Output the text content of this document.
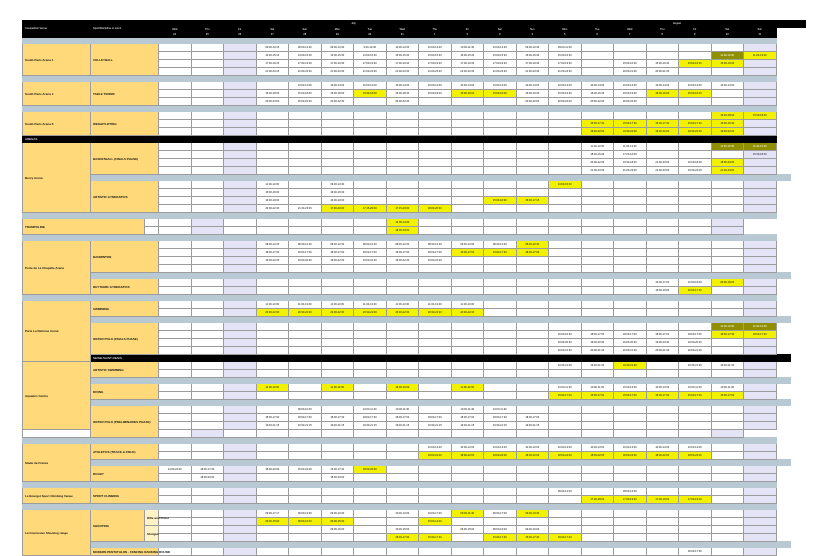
Competition Venue	Sport/Discipline or event		July												August						
			Wed	Thu	Fri	Sat	Sun	Mon	Tue	Wed	Thu	Fri	Sat	Sun	Mon	Tue	Wed	Thu	Fri	Sat	Sun
			24	25	26	27	28	29	30	31	1	2	3	4	5	6	7	8	9	10	11

South Paris Arena 1	VOLLEYBALL					09:00-13:15	09:00-13:30	09:00-13:30	9:00-13:30	10:00-13:30	10:00-13:00	10:00-11:30	10:00-13:30	09:00-13:30	09:00-11:00						
						13:00-15:15	13:00-15:30	13:00-15:30	13:00-15:30	15:00-15:30	15:00-15:30	15:00-15:30	15:00-15:30	15:00-15:30	15:00-15:30					11:00-13:00	11:00-13:00
						17:00-19:15	17:00-19:30	17:00-19:30	17:00-19:30	17:00-19:30	17:00-19:30	17:00-19:30	17:00-19:30	17:00-19:30	17:00-19:30		15:00-16:30	15:00-16:30	15:00-16:30	15:00-19:00	
						21:00-23:15	21:00-23:30	21:00-23:30	21:00-23:30	21:00-23:30	21:00-23:30	21:00-23:30	21:00-23:30	21:00-23:30	21:00-23:30		20:00-21:30	20:00-21:30			

South Paris Arena 4	TABLE TENNIS						10:00-14:00	10:00-14:00	10:00-14:00	10:00-14:00	10:00-14:00	10:00-14:00	10:00-14:00	10:00-14:00	10:00-14:00	10:00-14:00	10:00-14:00	10:00-14:00	10:00-14:00	10:00-13:00	
						15:00-18:00	15:00-18:00	15:00-18:00	15:30-18:00	15:00-18:30	15:00-19:00	15:00-16:00	15:00-16:00	15:00-19:30	15:00-19:30	15:00-16:30	15:00-19:00	15:00-16:00	15:00-16:00		
						20:00-23:00	20:00-22:30	20:00-22:30		20:00-22:30				20:00-22:00	20:00-22:00	20:00-22:00	20:00-22:00				

South Paris Arena 6	WEIGHTLIFTING																			15:30-18:00	15:30-18:00
																15:00-17:30	15:00-17:30	15:00-17:30	15:00-17:30	15:00-16:30	
																19:30-22:00	19:30-22:00	19:30-22:00	19:30-22:00	19:30-22:00	
ARENAS																					
Bercy Arena	BASKETBALL (FINALS PHASE)															11:00-13:00	11:00-13:00			11:30-13:30	11:30-13:30
																18:00-16:00	17:00-16:00				15:30-18:00
																20:00-22:00	16:30-18:00	21:00-23:00	16:00-18:00	18:00-20:00	
																21:00-23:00	21:00-23:00	21:00-23:00	19:30-22:00	21:30-23:00	

	ARTISTIC GYMNASTICS					11:00-13:00		09:30-13:30							13:00-15:30						
						15:00-16:00		16:00-16:30													
						16:30-19:00		16:00-19:00					15:00-16:30	15:00-17:15							
						20:00-22:30	21:30-23:00	17:30-20:00	17:15-20:00	17:15-20:00	18:00-20:30										

TRAMPOLINE										12:00-14:00											
										18:00-20:00											

Porte de La Chapelle Arena	BADMINTON					08:30-12:30	08:30-12:20	08:30-12:30	08:30-12:30	08:30-12:30	08:30-12:30	09:30-13:00	08:30-13:30	08:30-12:30							
						18:00-17:00	18:00-17:00	18:00-17:00	18:00-17:00	18:00-17:00	18:00-17:00	15:00-17:00	15:00-17:30	18:00-17:00							
						19:00-22:30	19:00-22:30	19:00-22:30	19:00-22:30	19:00-22:30	19:00-22:30										

	RHYTHMIC GYMNASTICS																	10:00-17:00	10:00-15:00	09:00-15:00	
																		15:00-19:00	16:00-17:30		

Paris La Defense Arena	SWIMMING					11:00-13:00	11:00-13:00	11:00-13:00	11:00-13:00	11:00-13:00	11:00-13:00	11:00-13:00									
						20:30-22:30	20:30-22:30	20:30-22:30	20:30-22:30	20:30-22:30	20:30-22:30	20:30-22:30									

	WATER POLO (FINALS PHASE)																			11:00-13:00	11:00-13:00
															15:00-16:30	18:00-17:00	18:00-17:00	18:00-17:00	18:00-17:00	18:00-17:30	18:00-17:30
															19:00-20:30	19:00-20:30	19:00-20:30	19:00-20:30	19:00-20:30		
															20:00-21:30	20:00-21:30	20:00-21:30	20:00-21:30	20:00-21:30		
	SEINE-SAINT-DENIS																				
Aquatics Centre	ARTISTIC SWIMMING														19:30-21:45	19:30-21:30	19:30-21:30		19:30-21:30	19:30-21:30	

	DIVING					11:00-12:00		11:00-12:00		15:00-16:00		11:00-12:00			10:00-11:30	10:00-11:00	10:00-13:00	10:00-13:00	10:00-11:00	10:00-11:00	
															15:00-17:00	15:00-17:00	15:00-17:00	15:00-17:00	15:00-17:00	15:00-17:00	

	WATER POLO (PRELIMINARIES PHASE)						09:00-10:30		10:00-11:30	10:00-11:30		10:00-11:30	10:00-11:30								
						18:00-17:00	18:00-17:30	18:00-17:30	18:00-17:30	18:00-17:00	18:00-17:00	18:00-17:00	18:00-17:30	18:00-17:00							
						19:30-21:15	19:30-21:15	19:30-21:15	19:30-21:15	19:30-21:15	19:30-21:15	19:30-21:15	19:30-21:15	19:30-21:15							

Stade de France	ATHLETICS (TRACK & FIELD)										10:00-13:00	10:00-13:00	10:00-13:00	10:00-13:00	10:00-13:00	10:00-13:00	10:00-13:00	10:00-13:00	10:00-13:00		
											18:00-22:00	18:00-22:00	18:00-22:00	18:00-22:00	18:00-22:00	18:00-22:00	18:00-22:00	18:00-22:00	18:00-22:00		

	RUGBY		14:00-22:00	18:00-17:30		18:00-20:00	15:00-22:00	15:00-17:30	18:00-20:00												
				18:00-20:00				18:00-20:00													

Le Bourget Sport Climbing Venue	SPORT CLIMBING														09:00-14:00		09:00-14:00				
																17:00-18:00	17:00-19:00	17:00-19:00	17:00-19:00		

La Courneuve Shooting range	SHOOTING	Rifle and Pistol				09:00-17:17	09:00-13:30	09:00-10:30		10:00-13:00	10:00-17:00	09:00-11:30	09:00-17:00	09:00-13:30							
						09:00-15:00	09:00-15:30	09:00-15:30			15:00-14:00										
		Shotgun						09:00-16:00		10:00-15:00		09:00-15:00	09:00-16:00	09:00-16:00							
										15:30-17:30	15:30-17:30		15:00-17:40	15:00-17:40	15:00-17:40						

	MODERN PENTATHLON - FENCING RANKING ROUND																		18:00-17:30		
